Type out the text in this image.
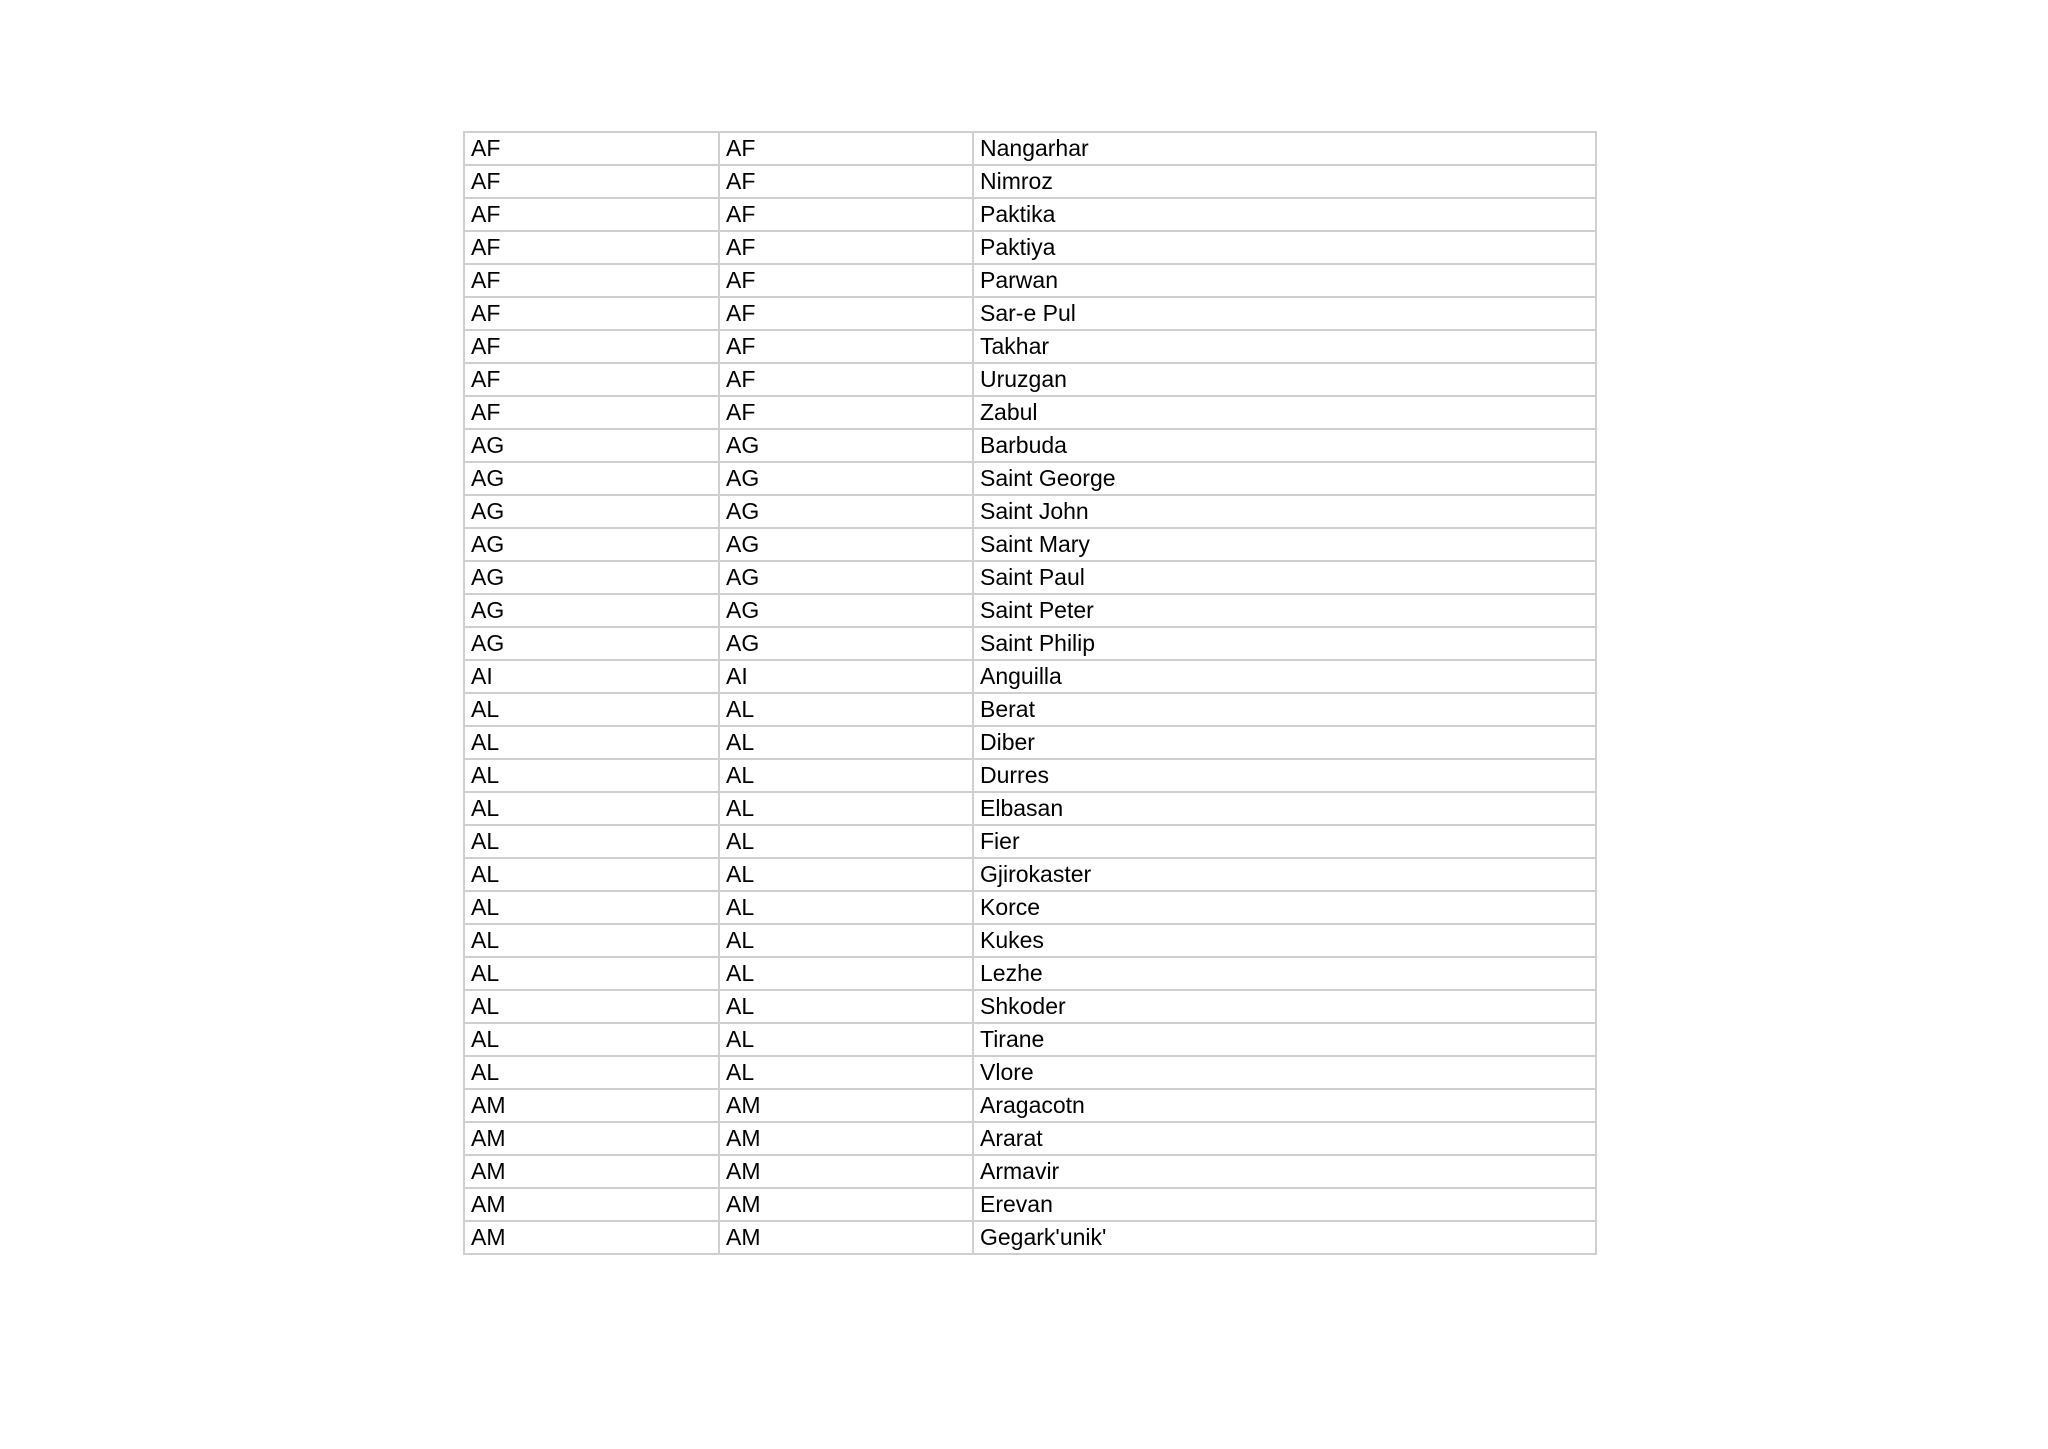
AF	AF	Nangarhar
AF	AF	Nimroz
AF	AF	Paktika
AF	AF	Paktiya
AF	AF	Parwan
AF	AF	Sar-e Pul
AF	AF	Takhar
AF	AF	Uruzgan
AF	AF	Zabul
AG	AG	Barbuda
AG	AG	Saint George
AG	AG	Saint John
AG	AG	Saint Mary
AG	AG	Saint Paul
AG	AG	Saint Peter
AG	AG	Saint Philip
AI	AI	Anguilla
AL	AL	Berat
AL	AL	Diber
AL	AL	Durres
AL	AL	Elbasan
AL	AL	Fier
AL	AL	Gjirokaster
AL	AL	Korce
AL	AL	Kukes
AL	AL	Lezhe
AL	AL	Shkoder
AL	AL	Tirane
AL	AL	Vlore
AM	AM	Aragacotn
AM	AM	Ararat
AM	AM	Armavir
AM	AM	Erevan
AM	AM	Gegark'unik'
